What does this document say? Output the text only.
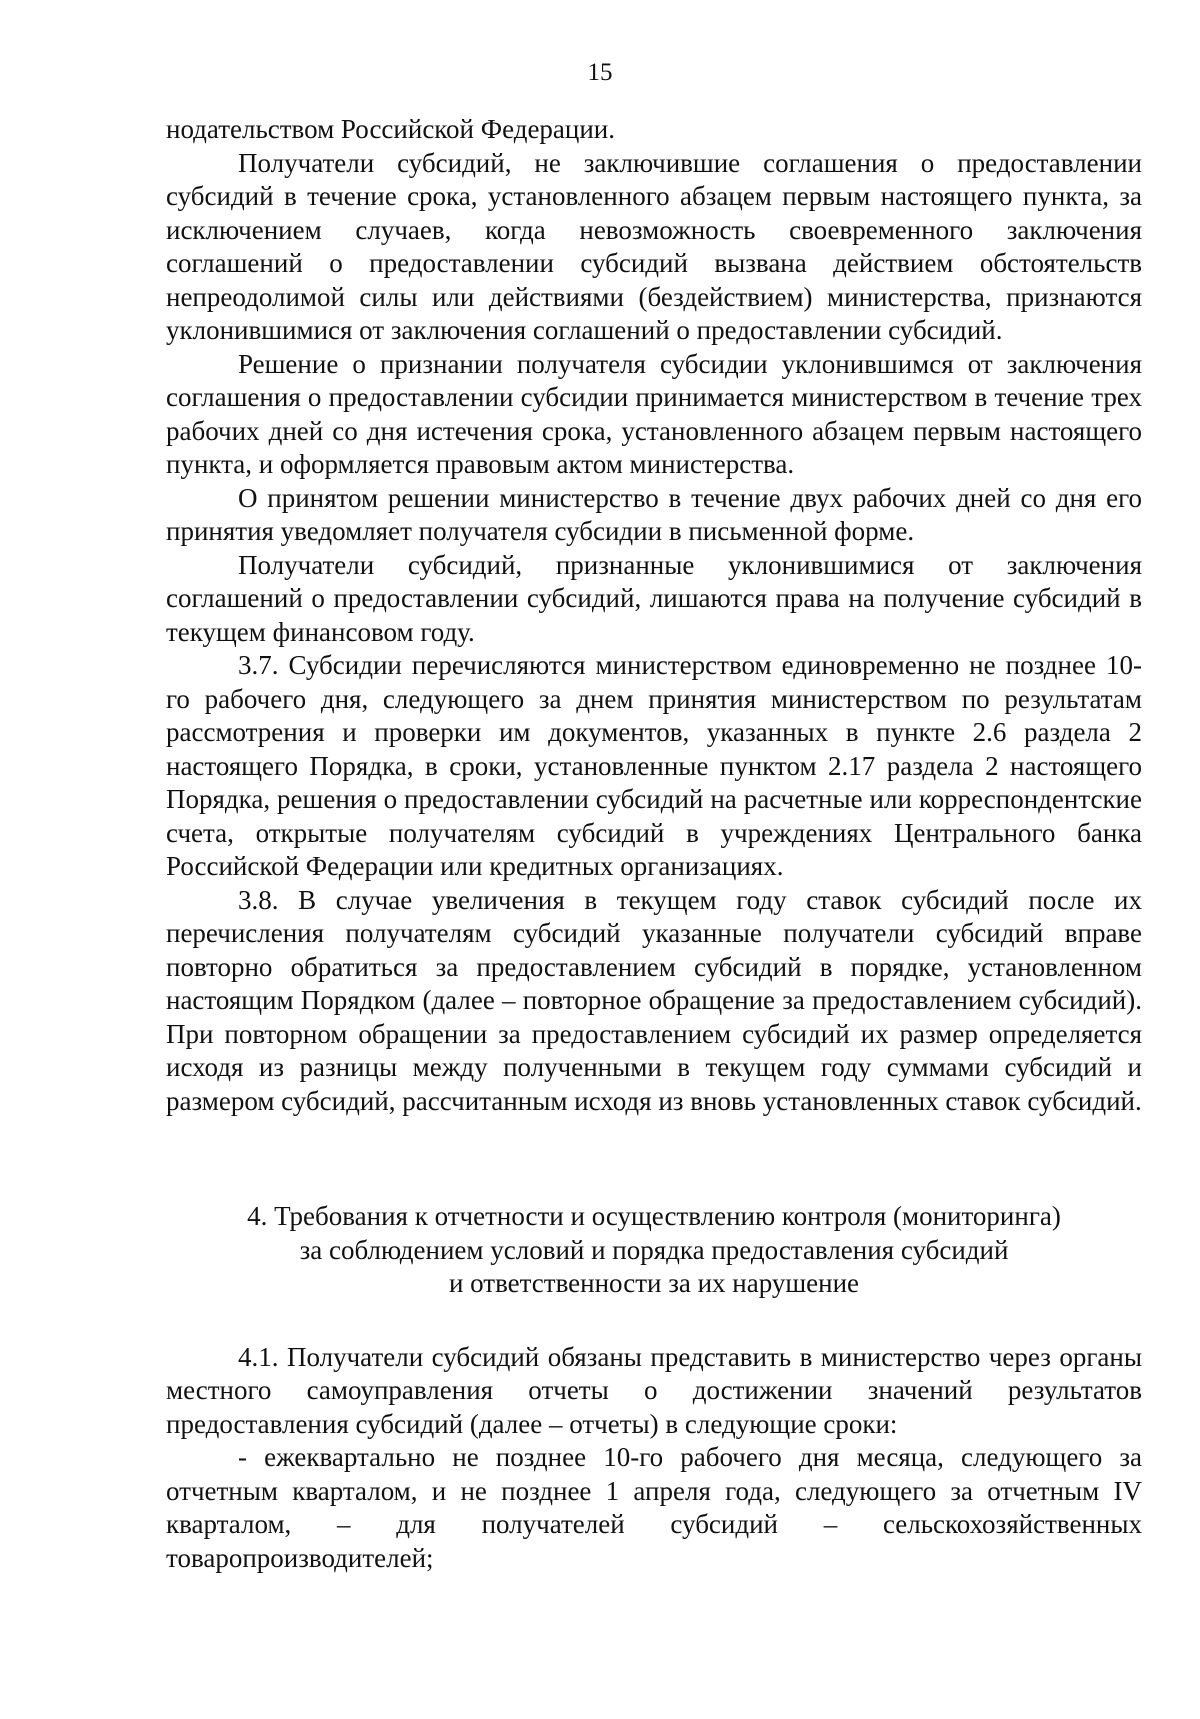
15

нодательством Российской Федерации.

Получатели субсидий, не заключившие соглашения о предоставлении субсидий в течение срока, установленного абзацем первым настоящего пункта, за исключением случаев, когда невозможность своевременного заключения соглашений о предоставлении субсидий вызвана действием обстоятельств непреодолимой силы или действиями (бездействием) министерства, признаются уклонившимися от заключения соглашений о предоставлении субсидий.

Решение о признании получателя субсидии уклонившимся от заключения соглашения о предоставлении субсидии принимается министерством в течение трех рабочих дней со дня истечения срока, установленного абзацем первым настоящего пункта, и оформляется правовым актом министерства.

О принятом решении министерство в течение двух рабочих дней со дня его принятия уведомляет получателя субсидии в письменной форме.

Получатели субсидий, признанные уклонившимися от заключения соглашений о предоставлении субсидий, лишаются права на получение субсидий в текущем финансовом году.

3.7. Субсидии перечисляются министерством единовременно не позднее 10-го рабочего дня, следующего за днем принятия министерством по результатам рассмотрения и проверки им документов, указанных в пункте 2.6 раздела 2 настоящего Порядка, в сроки, установленные пунктом 2.17 раздела 2 настоящего Порядка, решения о предоставлении субсидий на расчетные или корреспондентские счета, открытые получателям субсидий в учреждениях Центрального банка Российской Федерации или кредитных организациях.

3.8. В случае увеличения в текущем году ставок субсидий после их перечисления получателям субсидий указанные получатели субсидий вправе повторно обратиться за предоставлением субсидий в порядке, установленном настоящим Порядком (далее – повторное обращение за предоставлением субсидий). При повторном обращении за предоставлением субсидий их размер определяется исходя из разницы между полученными в текущем году суммами субсидий и размером субсидий, рассчитанным исходя из вновь установленных ставок субсидий.

4. Требования к отчетности и осуществлению контроля (мониторинга)
за соблюдением условий и порядка предоставления субсидий
и ответственности за их нарушение

4.1. Получатели субсидий обязаны представить в министерство через органы местного самоуправления отчеты о достижении значений результатов предоставления субсидий (далее – отчеты) в следующие сроки:

- ежеквартально не позднее 10-го рабочего дня месяца, следующего за отчетным кварталом, и не позднее 1 апреля года, следующего за отчетным IV кварталом, – для получателей субсидий – сельскохозяйственных товаропроизводителей;
